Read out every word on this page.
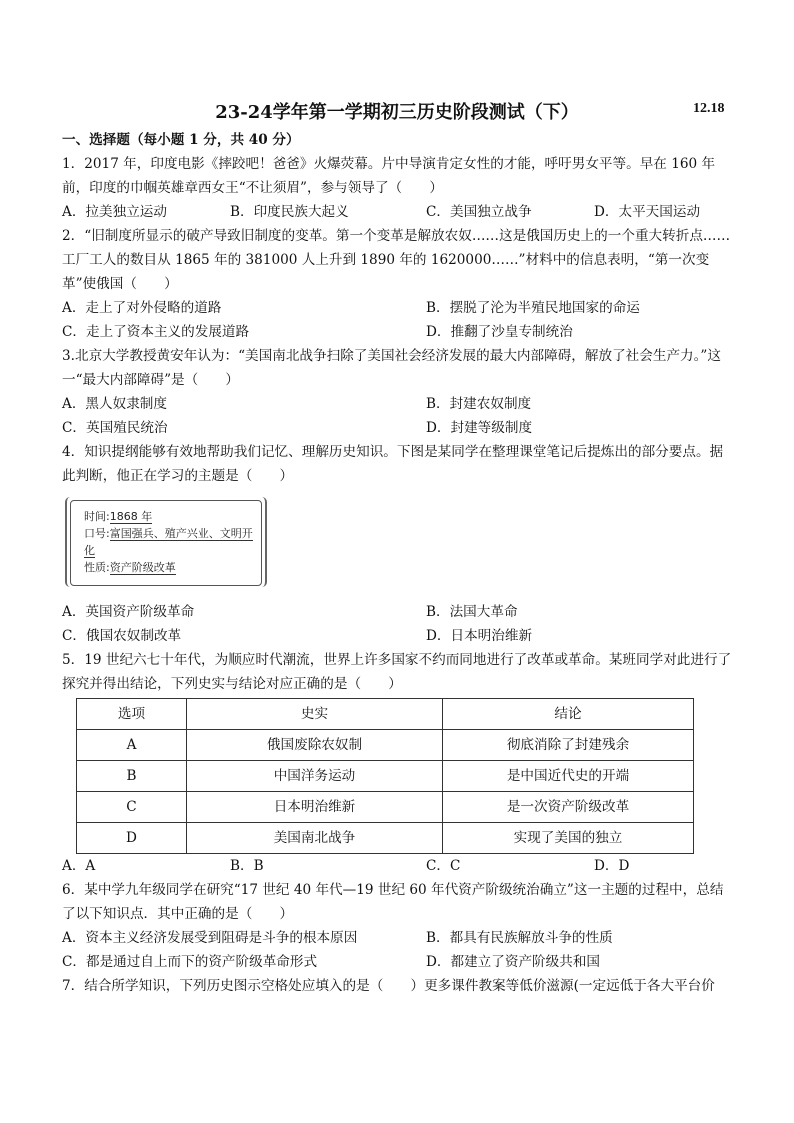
23-24学年第一学期初三历史阶段测试（下）	12.18
一、选择题（每小题 1 分，共 40 分）
1．2017 年，印度电影《摔跤吧！爸爸》火爆荧幕。片中导演肯定女性的才能，呼吁男女平等。早在 160 年前，印度的巾帼英雄章西女王“不让须眉”，参与领导了（　　）
A．拉美独立运动	B．印度民族大起义	C．美国独立战争	D．太平天国运动
2．“旧制度所显示的破产导致旧制度的变革。第一个变革是解放农奴……这是俄国历史上的一个重大转折点……工厂工人的数目从 1865 年的 381000 人上升到 1890 年的 1620000……”材料中的信息表明，“第一次变革”使俄国（　　）
A．走上了对外侵略的道路	B．摆脱了沦为半殖民地国家的命运
C．走上了资本主义的发展道路	D．推翻了沙皇专制统治
3.北京大学教授黄安年认为：“美国南北战争扫除了美国社会经济发展的最大内部障碍，解放了社会生产力。”这一“最大内部障碍”是（　　）
A．黑人奴隶制度	B．封建农奴制度
C．英国殖民统治	D．封建等级制度
4．知识提纲能够有效地帮助我们记忆、理解历史知识。下图是某同学在整理课堂笔记后提炼出的部分要点。据此判断，他正在学习的主题是（　　）
时间:1868 年
口号:富国强兵、殖产兴业、文明开化
性质:资产阶级改革
A．英国资产阶级革命	B．法国大革命
C．俄国农奴制改革	D．日本明治维新
5．19 世纪六七十年代，为顺应时代潮流，世界上许多国家不约而同地进行了改革或革命。某班同学对此进行了探究并得出结论，下列史实与结论对应正确的是（　　）
选项	史实	结论
A	俄国废除农奴制	彻底消除了封建残余
B	中国洋务运动	是中国近代史的开端
C	日本明治维新	是一次资产阶级改革
D	美国南北战争	实现了美国的独立
A．A	B．B	C．C	D．D
6．某中学九年级同学在研究“17 世纪 40 年代—19 世纪 60 年代资产阶级统治确立”这一主题的过程中，总结了以下知识点．其中正确的是（　　）
A．资本主义经济发展受到阻碍是斗争的根本原因	B．都具有民族解放斗争的性质
C．都是通过自上而下的资产阶级革命形式	D．都建立了资产阶级共和国
7．结合所学知识，下列历史图示空格处应填入的是（　　）更多课件教案等低价滋源(一定远低于各大平台价
